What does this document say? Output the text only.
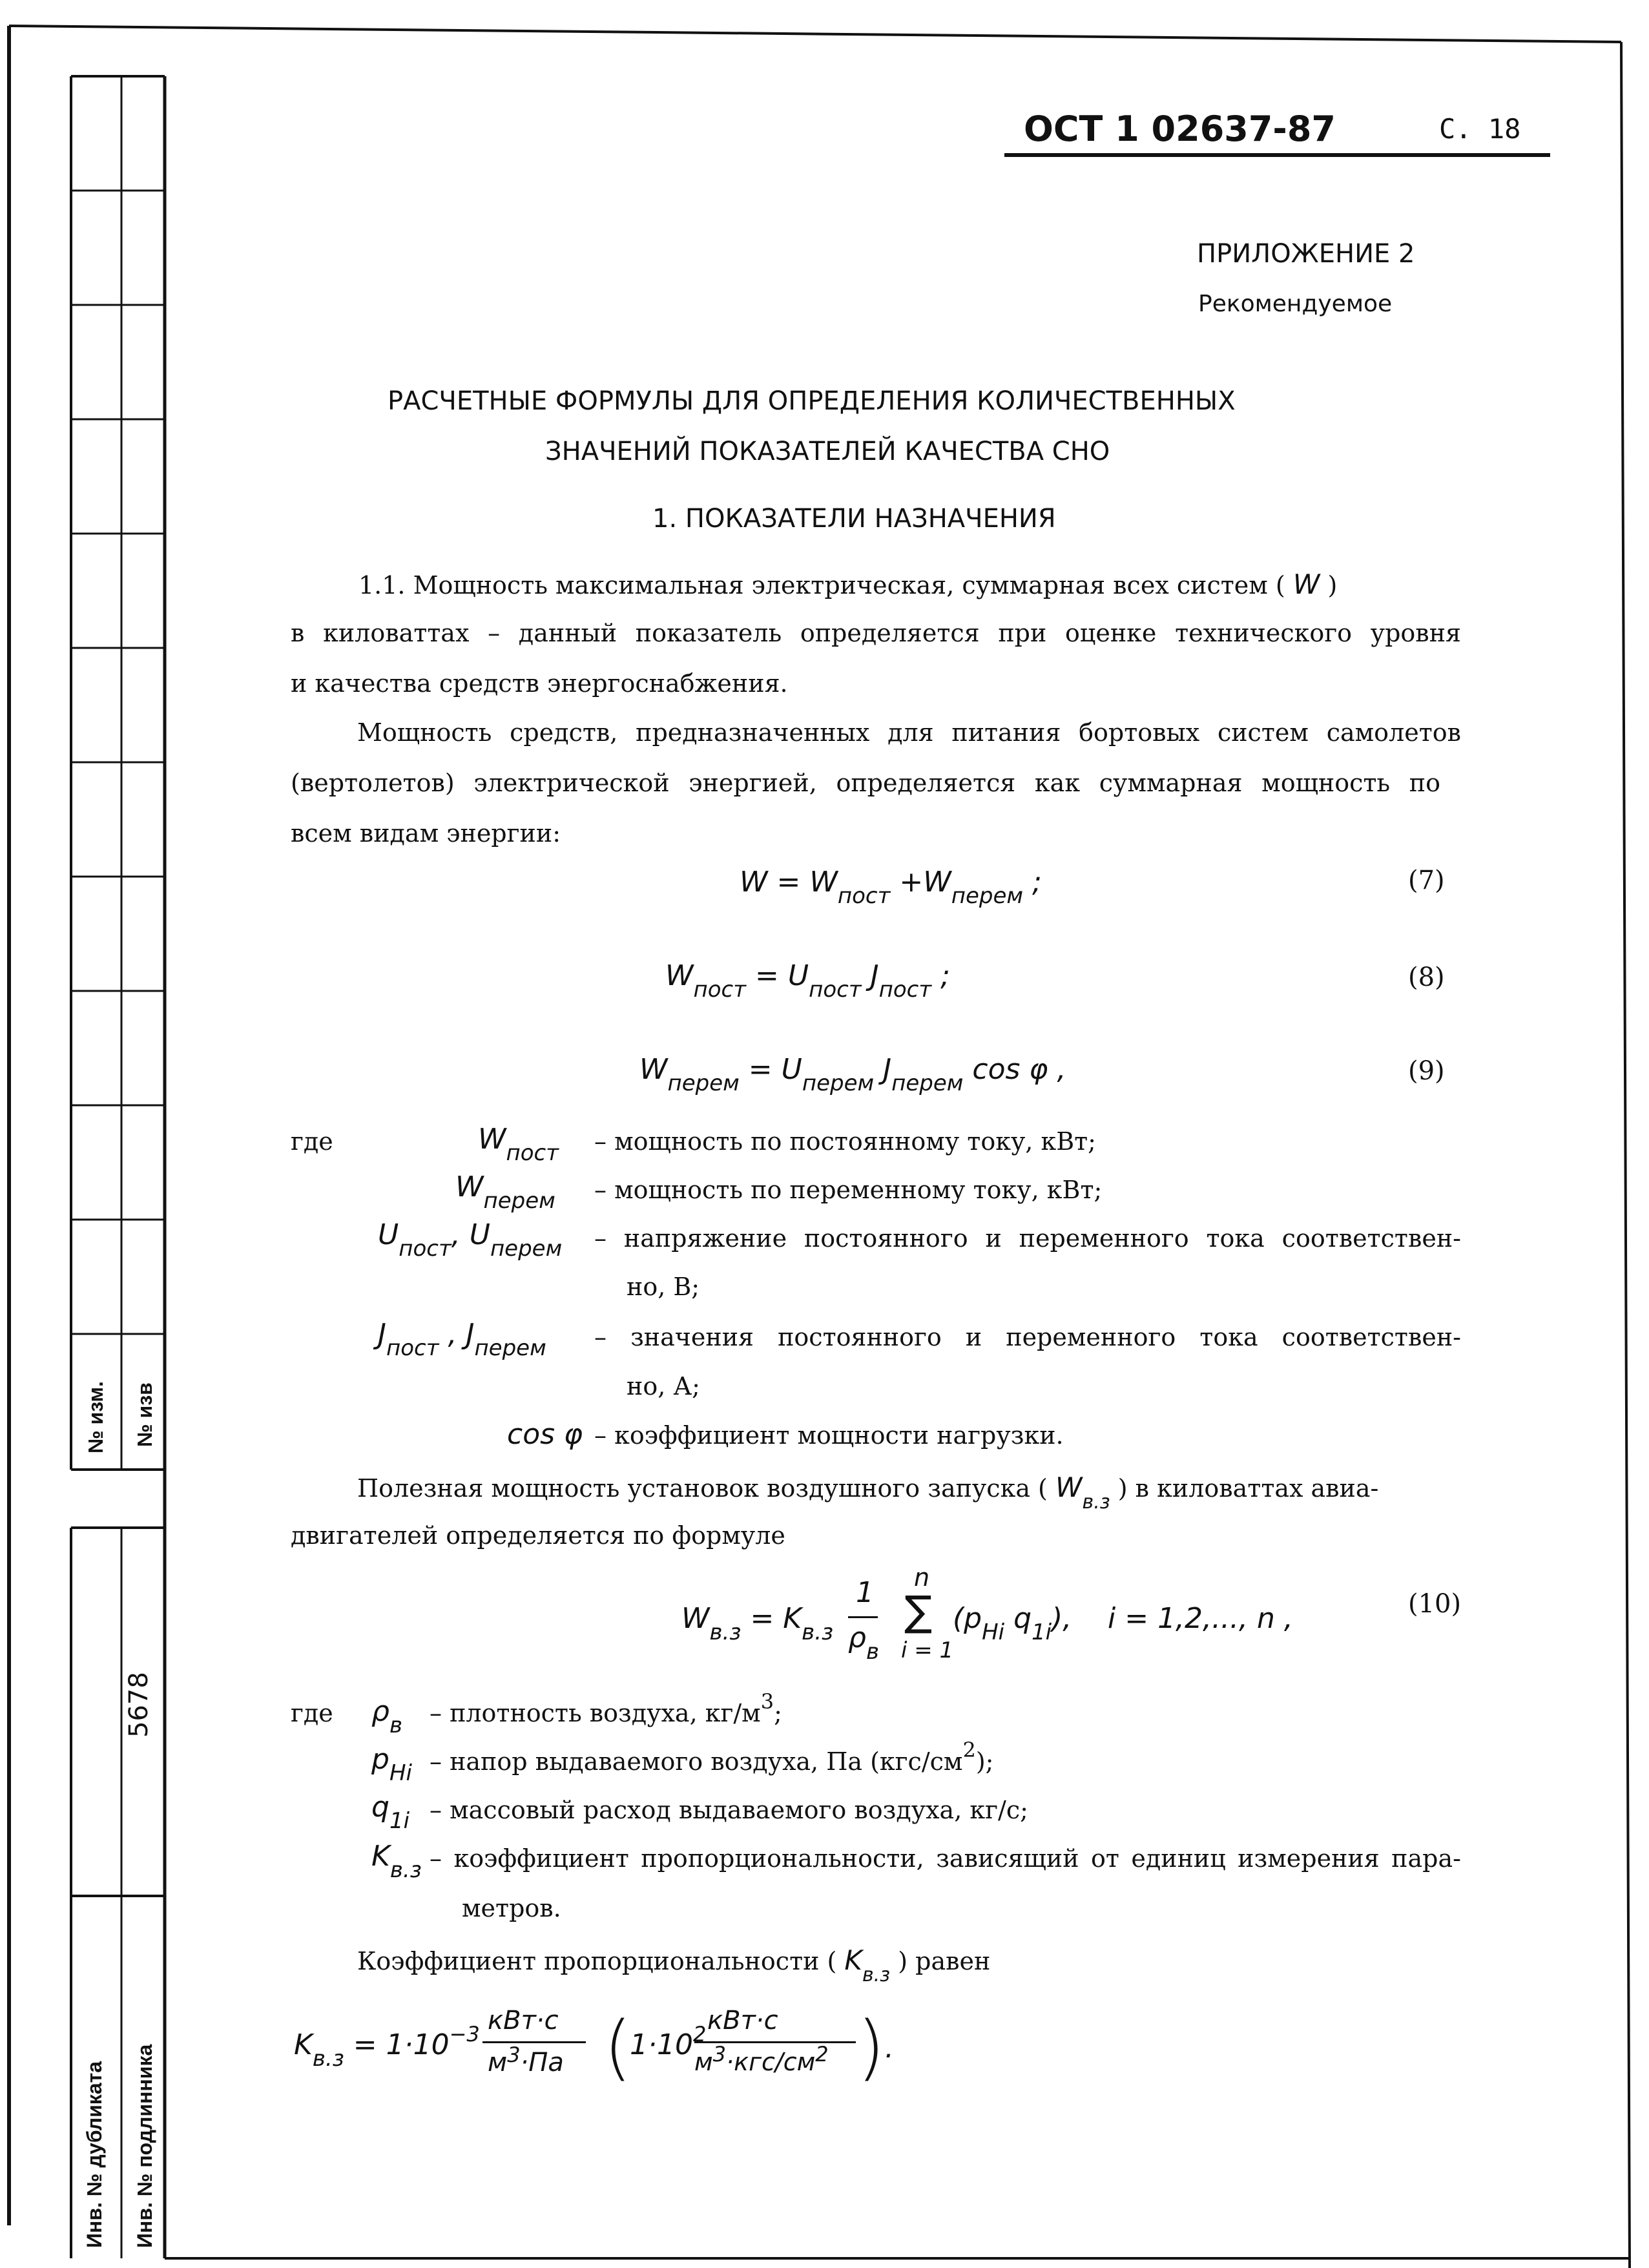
№ изм. № изв
5678
Инв. № дубликата Инв. № подлинника
ОСТ 1 02637-87	С. 18
ПРИЛОЖЕНИЕ 2
Рекомендуемое
РАСЧЕТНЫЕ ФОРМУЛЫ ДЛЯ ОПРЕДЕЛЕНИЯ КОЛИЧЕСТВЕННЫХ
ЗНАЧЕНИЙ ПОКАЗАТЕЛЕЙ КАЧЕСТВА СНО
1. ПОКАЗАТЕЛИ НАЗНАЧЕНИЯ
1.1. Мощность максимальная электрическая, суммарная всех систем ( W )
в киловаттах – данный показатель определяется при оценке технического уровня
и качества средств энергоснабжения.
Мощность средств, предназначенных для питания бортовых систем самолетов
(вертолетов) электрической энергией, определяется как суммарная мощность по
всем видам энергии:
$W = W_{пост} +W_{перем}$ ;	(7)
$W_{пост} = U_{пост}$ $J_{пост}$ ;	(8)
$W_{перем} = U_{перем}$ $J_{перем}$ cos φ ,	(9)
где	$W_{пост}$ – мощность по постоянному току, кВт;
$W_{перем}$ – мощность по переменному току, кВт;
$U_{пост}$, $U_{перем}$ – напряжение постоянного и переменного тока соответствен-
но, В;
$J_{пост}$ , $J_{перем}$ – значения постоянного и переменного тока соответствен-
но, А;
cos φ – коэффициент мощности нагрузки.
Полезная мощность установок воздушного запуска ( $W_{в.з}$ ) в киловаттах авиа-
двигателей определяется по формуле
$W_{в.з} = K_{в.з}$
1
$\rho_в$
n
∑
i = 1
($p_{Hi}$ $q_{1i}$), i = 1,2,..., n ,	(10)
где $\rho_в$ – плотность воздуха, $кг/м^3$;
$p_{Hi}$ – напор выдаваемого воздуха, Па $(кгс/см^2)$;
$q_{1i}$ – массовый расход выдаваемого воздуха, кг/с;
$K_{в.з}$ – коэффициент пропорциональности, зависящий от единиц измерения пара-
метров.
Коэффициент пропорциональности ( $K_{в.з}$ ) равен
$K_{в.з} = 1\cdot 10^{-3}$ кВт·с
$м^3\cdot Па$ (
$1\cdot 10^2$ кВт·с
$м^3\cdot кгс/см^2$ ) .
